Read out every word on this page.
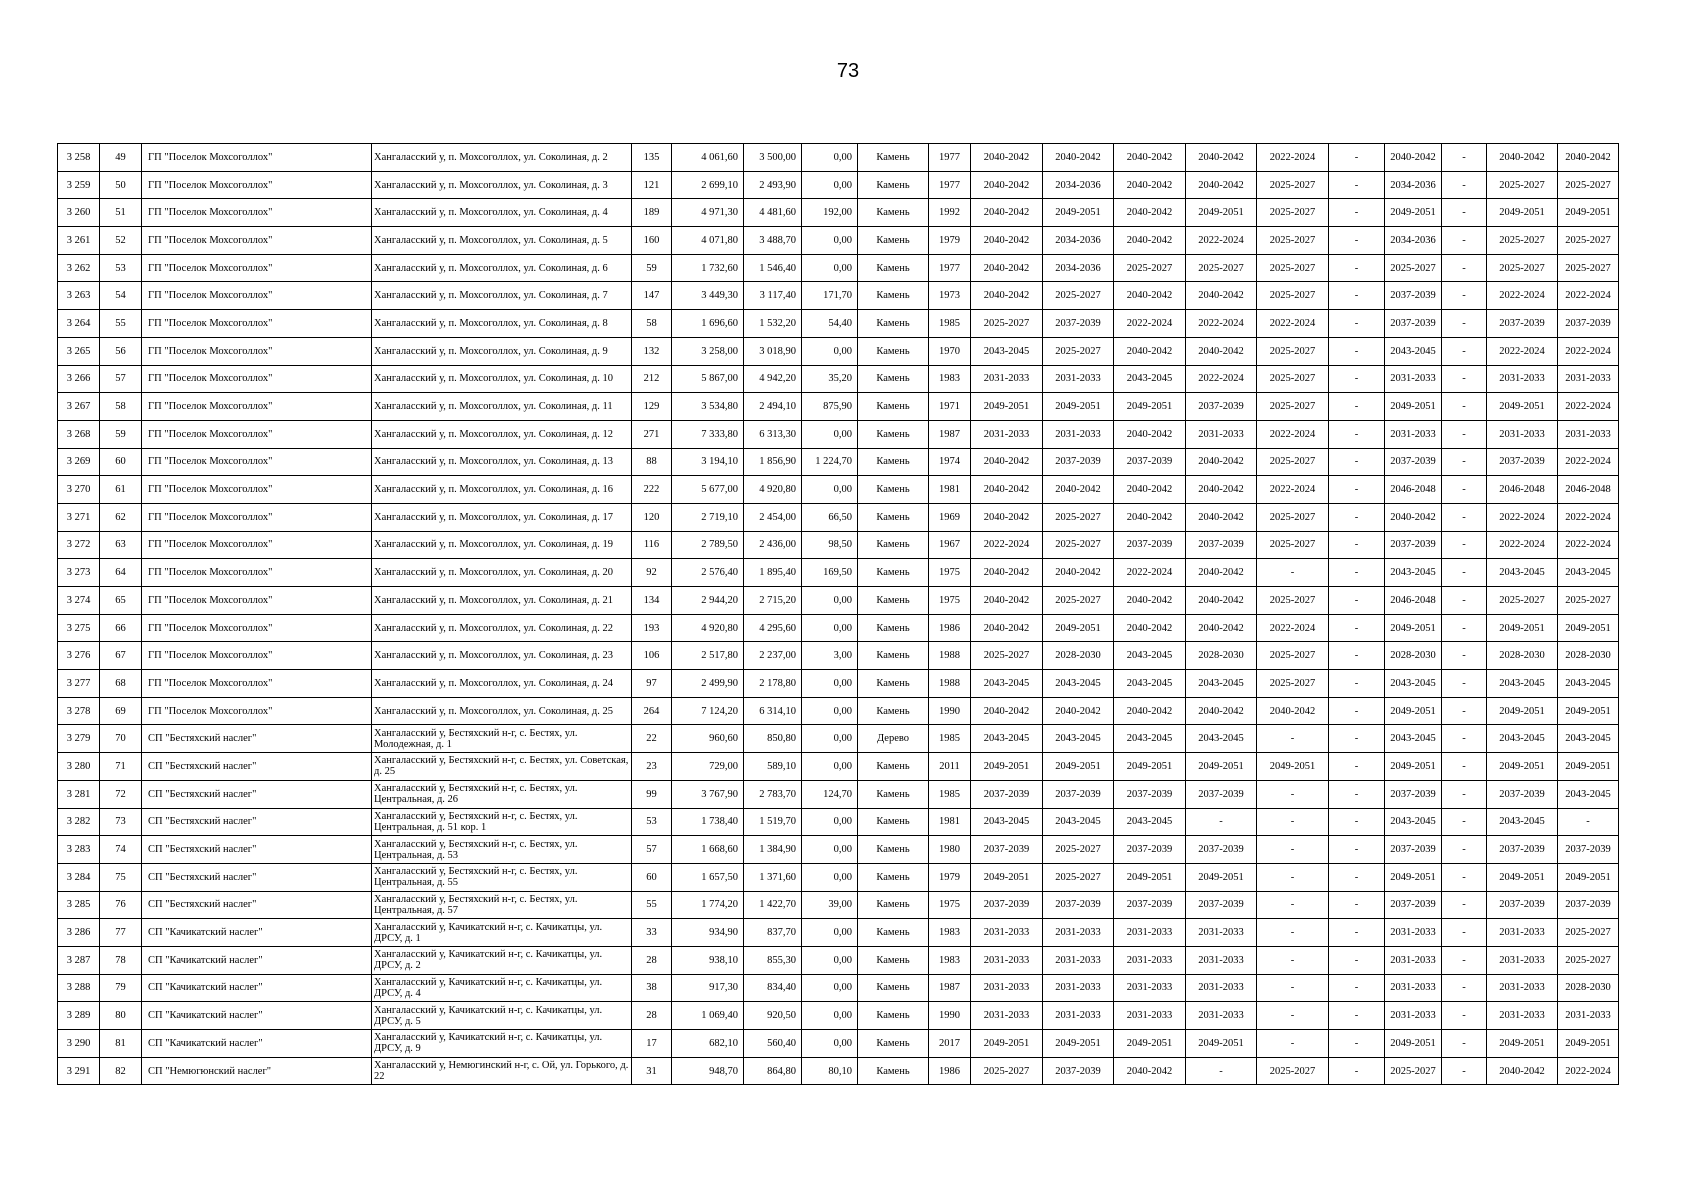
73
3 258	49	ГП "Поселок Мохсоголлох"	Хангаласский у, п. Мохсоголлох, ул. Соколиная, д. 2	135	4 061,60	3 500,00	0,00	Камень	1977	2040-2042	2040-2042	2040-2042	2040-2042	2022-2024	-	2040-2042	-	2040-2042	2040-2042
3 259	50	ГП "Поселок Мохсоголлох"	Хангаласский у, п. Мохсоголлох, ул. Соколиная, д. 3	121	2 699,10	2 493,90	0,00	Камень	1977	2040-2042	2034-2036	2040-2042	2040-2042	2025-2027	-	2034-2036	-	2025-2027	2025-2027
3 260	51	ГП "Поселок Мохсоголлох"	Хангаласский у, п. Мохсоголлох, ул. Соколиная, д. 4	189	4 971,30	4 481,60	192,00	Камень	1992	2040-2042	2049-2051	2040-2042	2049-2051	2025-2027	-	2049-2051	-	2049-2051	2049-2051
3 261	52	ГП "Поселок Мохсоголлох"	Хангаласский у, п. Мохсоголлох, ул. Соколиная, д. 5	160	4 071,80	3 488,70	0,00	Камень	1979	2040-2042	2034-2036	2040-2042	2022-2024	2025-2027	-	2034-2036	-	2025-2027	2025-2027
3 262	53	ГП "Поселок Мохсоголлох"	Хангаласский у, п. Мохсоголлох, ул. Соколиная, д. 6	59	1 732,60	1 546,40	0,00	Камень	1977	2040-2042	2034-2036	2025-2027	2025-2027	2025-2027	-	2025-2027	-	2025-2027	2025-2027
3 263	54	ГП "Поселок Мохсоголлох"	Хангаласский у, п. Мохсоголлох, ул. Соколиная, д. 7	147	3 449,30	3 117,40	171,70	Камень	1973	2040-2042	2025-2027	2040-2042	2040-2042	2025-2027	-	2037-2039	-	2022-2024	2022-2024
3 264	55	ГП "Поселок Мохсоголлох"	Хангаласский у, п. Мохсоголлох, ул. Соколиная, д. 8	58	1 696,60	1 532,20	54,40	Камень	1985	2025-2027	2037-2039	2022-2024	2022-2024	2022-2024	-	2037-2039	-	2037-2039	2037-2039
3 265	56	ГП "Поселок Мохсоголлох"	Хангаласский у, п. Мохсоголлох, ул. Соколиная, д. 9	132	3 258,00	3 018,90	0,00	Камень	1970	2043-2045	2025-2027	2040-2042	2040-2042	2025-2027	-	2043-2045	-	2022-2024	2022-2024
3 266	57	ГП "Поселок Мохсоголлох"	Хангаласский у, п. Мохсоголлох, ул. Соколиная, д. 10	212	5 867,00	4 942,20	35,20	Камень	1983	2031-2033	2031-2033	2043-2045	2022-2024	2025-2027	-	2031-2033	-	2031-2033	2031-2033
3 267	58	ГП "Поселок Мохсоголлох"	Хангаласский у, п. Мохсоголлох, ул. Соколиная, д. 11	129	3 534,80	2 494,10	875,90	Камень	1971	2049-2051	2049-2051	2049-2051	2037-2039	2025-2027	-	2049-2051	-	2049-2051	2022-2024
3 268	59	ГП "Поселок Мохсоголлох"	Хангаласский у, п. Мохсоголлох, ул. Соколиная, д. 12	271	7 333,80	6 313,30	0,00	Камень	1987	2031-2033	2031-2033	2040-2042	2031-2033	2022-2024	-	2031-2033	-	2031-2033	2031-2033
3 269	60	ГП "Поселок Мохсоголлох"	Хангаласский у, п. Мохсоголлох, ул. Соколиная, д. 13	88	3 194,10	1 856,90	1 224,70	Камень	1974	2040-2042	2037-2039	2037-2039	2040-2042	2025-2027	-	2037-2039	-	2037-2039	2022-2024
3 270	61	ГП "Поселок Мохсоголлох"	Хангаласский у, п. Мохсоголлох, ул. Соколиная, д. 16	222	5 677,00	4 920,80	0,00	Камень	1981	2040-2042	2040-2042	2040-2042	2040-2042	2022-2024	-	2046-2048	-	2046-2048	2046-2048
3 271	62	ГП "Поселок Мохсоголлох"	Хангаласский у, п. Мохсоголлох, ул. Соколиная, д. 17	120	2 719,10	2 454,00	66,50	Камень	1969	2040-2042	2025-2027	2040-2042	2040-2042	2025-2027	-	2040-2042	-	2022-2024	2022-2024
3 272	63	ГП "Поселок Мохсоголлох"	Хангаласский у, п. Мохсоголлох, ул. Соколиная, д. 19	116	2 789,50	2 436,00	98,50	Камень	1967	2022-2024	2025-2027	2037-2039	2037-2039	2025-2027	-	2037-2039	-	2022-2024	2022-2024
3 273	64	ГП "Поселок Мохсоголлох"	Хангаласский у, п. Мохсоголлох, ул. Соколиная, д. 20	92	2 576,40	1 895,40	169,50	Камень	1975	2040-2042	2040-2042	2022-2024	2040-2042	-	-	2043-2045	-	2043-2045	2043-2045
3 274	65	ГП "Поселок Мохсоголлох"	Хангаласский у, п. Мохсоголлох, ул. Соколиная, д. 21	134	2 944,20	2 715,20	0,00	Камень	1975	2040-2042	2025-2027	2040-2042	2040-2042	2025-2027	-	2046-2048	-	2025-2027	2025-2027
3 275	66	ГП "Поселок Мохсоголлох"	Хангаласский у, п. Мохсоголлох, ул. Соколиная, д. 22	193	4 920,80	4 295,60	0,00	Камень	1986	2040-2042	2049-2051	2040-2042	2040-2042	2022-2024	-	2049-2051	-	2049-2051	2049-2051
3 276	67	ГП "Поселок Мохсоголлох"	Хангаласский у, п. Мохсоголлох, ул. Соколиная, д. 23	106	2 517,80	2 237,00	3,00	Камень	1988	2025-2027	2028-2030	2043-2045	2028-2030	2025-2027	-	2028-2030	-	2028-2030	2028-2030
3 277	68	ГП "Поселок Мохсоголлох"	Хангаласский у, п. Мохсоголлох, ул. Соколиная, д. 24	97	2 499,90	2 178,80	0,00	Камень	1988	2043-2045	2043-2045	2043-2045	2043-2045	2025-2027	-	2043-2045	-	2043-2045	2043-2045
3 278	69	ГП "Поселок Мохсоголлох"	Хангаласский у, п. Мохсоголлох, ул. Соколиная, д. 25	264	7 124,20	6 314,10	0,00	Камень	1990	2040-2042	2040-2042	2040-2042	2040-2042	2040-2042	-	2049-2051	-	2049-2051	2049-2051
3 279	70	СП "Бестяхский наслег"	Хангаласский у, Бестяхский н-г, с. Бестях, ул. Молодежная, д. 1	22	960,60	850,80	0,00	Дерево	1985	2043-2045	2043-2045	2043-2045	2043-2045	-	-	2043-2045	-	2043-2045	2043-2045
3 280	71	СП "Бестяхский наслег"	Хангаласский у, Бестяхский н-г, с. Бестях, ул. Советская, д. 25	23	729,00	589,10	0,00	Камень	2011	2049-2051	2049-2051	2049-2051	2049-2051	2049-2051	-	2049-2051	-	2049-2051	2049-2051
3 281	72	СП "Бестяхский наслег"	Хангаласский у, Бестяхский н-г, с. Бестях, ул. Центральная, д. 26	99	3 767,90	2 783,70	124,70	Камень	1985	2037-2039	2037-2039	2037-2039	2037-2039	-	-	2037-2039	-	2037-2039	2043-2045
3 282	73	СП "Бестяхский наслег"	Хангаласский у, Бестяхский н-г, с. Бестях, ул. Центральная, д. 51 кор. 1	53	1 738,40	1 519,70	0,00	Камень	1981	2043-2045	2043-2045	2043-2045	-	-	-	2043-2045	-	2043-2045	-
3 283	74	СП "Бестяхский наслег"	Хангаласский у, Бестяхский н-г, с. Бестях, ул. Центральная, д. 53	57	1 668,60	1 384,90	0,00	Камень	1980	2037-2039	2025-2027	2037-2039	2037-2039	-	-	2037-2039	-	2037-2039	2037-2039
3 284	75	СП "Бестяхский наслег"	Хангаласский у, Бестяхский н-г, с. Бестях, ул. Центральная, д. 55	60	1 657,50	1 371,60	0,00	Камень	1979	2049-2051	2025-2027	2049-2051	2049-2051	-	-	2049-2051	-	2049-2051	2049-2051
3 285	76	СП "Бестяхский наслег"	Хангаласский у, Бестяхский н-г, с. Бестях, ул. Центральная, д. 57	55	1 774,20	1 422,70	39,00	Камень	1975	2037-2039	2037-2039	2037-2039	2037-2039	-	-	2037-2039	-	2037-2039	2037-2039
3 286	77	СП "Качикатский наслег"	Хангаласский у, Качикатский н-г, с. Качикатцы, ул. ДРСУ, д. 1	33	934,90	837,70	0,00	Камень	1983	2031-2033	2031-2033	2031-2033	2031-2033	-	-	2031-2033	-	2031-2033	2025-2027
3 287	78	СП "Качикатский наслег"	Хангаласский у, Качикатский н-г, с. Качикатцы, ул. ДРСУ, д. 2	28	938,10	855,30	0,00	Камень	1983	2031-2033	2031-2033	2031-2033	2031-2033	-	-	2031-2033	-	2031-2033	2025-2027
3 288	79	СП "Качикатский наслег"	Хангаласский у, Качикатский н-г, с. Качикатцы, ул. ДРСУ, д. 4	38	917,30	834,40	0,00	Камень	1987	2031-2033	2031-2033	2031-2033	2031-2033	-	-	2031-2033	-	2031-2033	2028-2030
3 289	80	СП "Качикатский наслег"	Хангаласский у, Качикатский н-г, с. Качикатцы, ул. ДРСУ, д. 5	28	1 069,40	920,50	0,00	Камень	1990	2031-2033	2031-2033	2031-2033	2031-2033	-	-	2031-2033	-	2031-2033	2031-2033
3 290	81	СП "Качикатский наслег"	Хангаласский у, Качикатский н-г, с. Качикатцы, ул. ДРСУ, д. 9	17	682,10	560,40	0,00	Камень	2017	2049-2051	2049-2051	2049-2051	2049-2051	-	-	2049-2051	-	2049-2051	2049-2051
3 291	82	СП "Немюгюнский наслег"	Хангаласский у, Немюгинский н-г, с. Ой, ул. Горького, д. 22	31	948,70	864,80	80,10	Камень	1986	2025-2027	2037-2039	2040-2042	-	2025-2027	-	2025-2027	-	2040-2042	2022-2024
